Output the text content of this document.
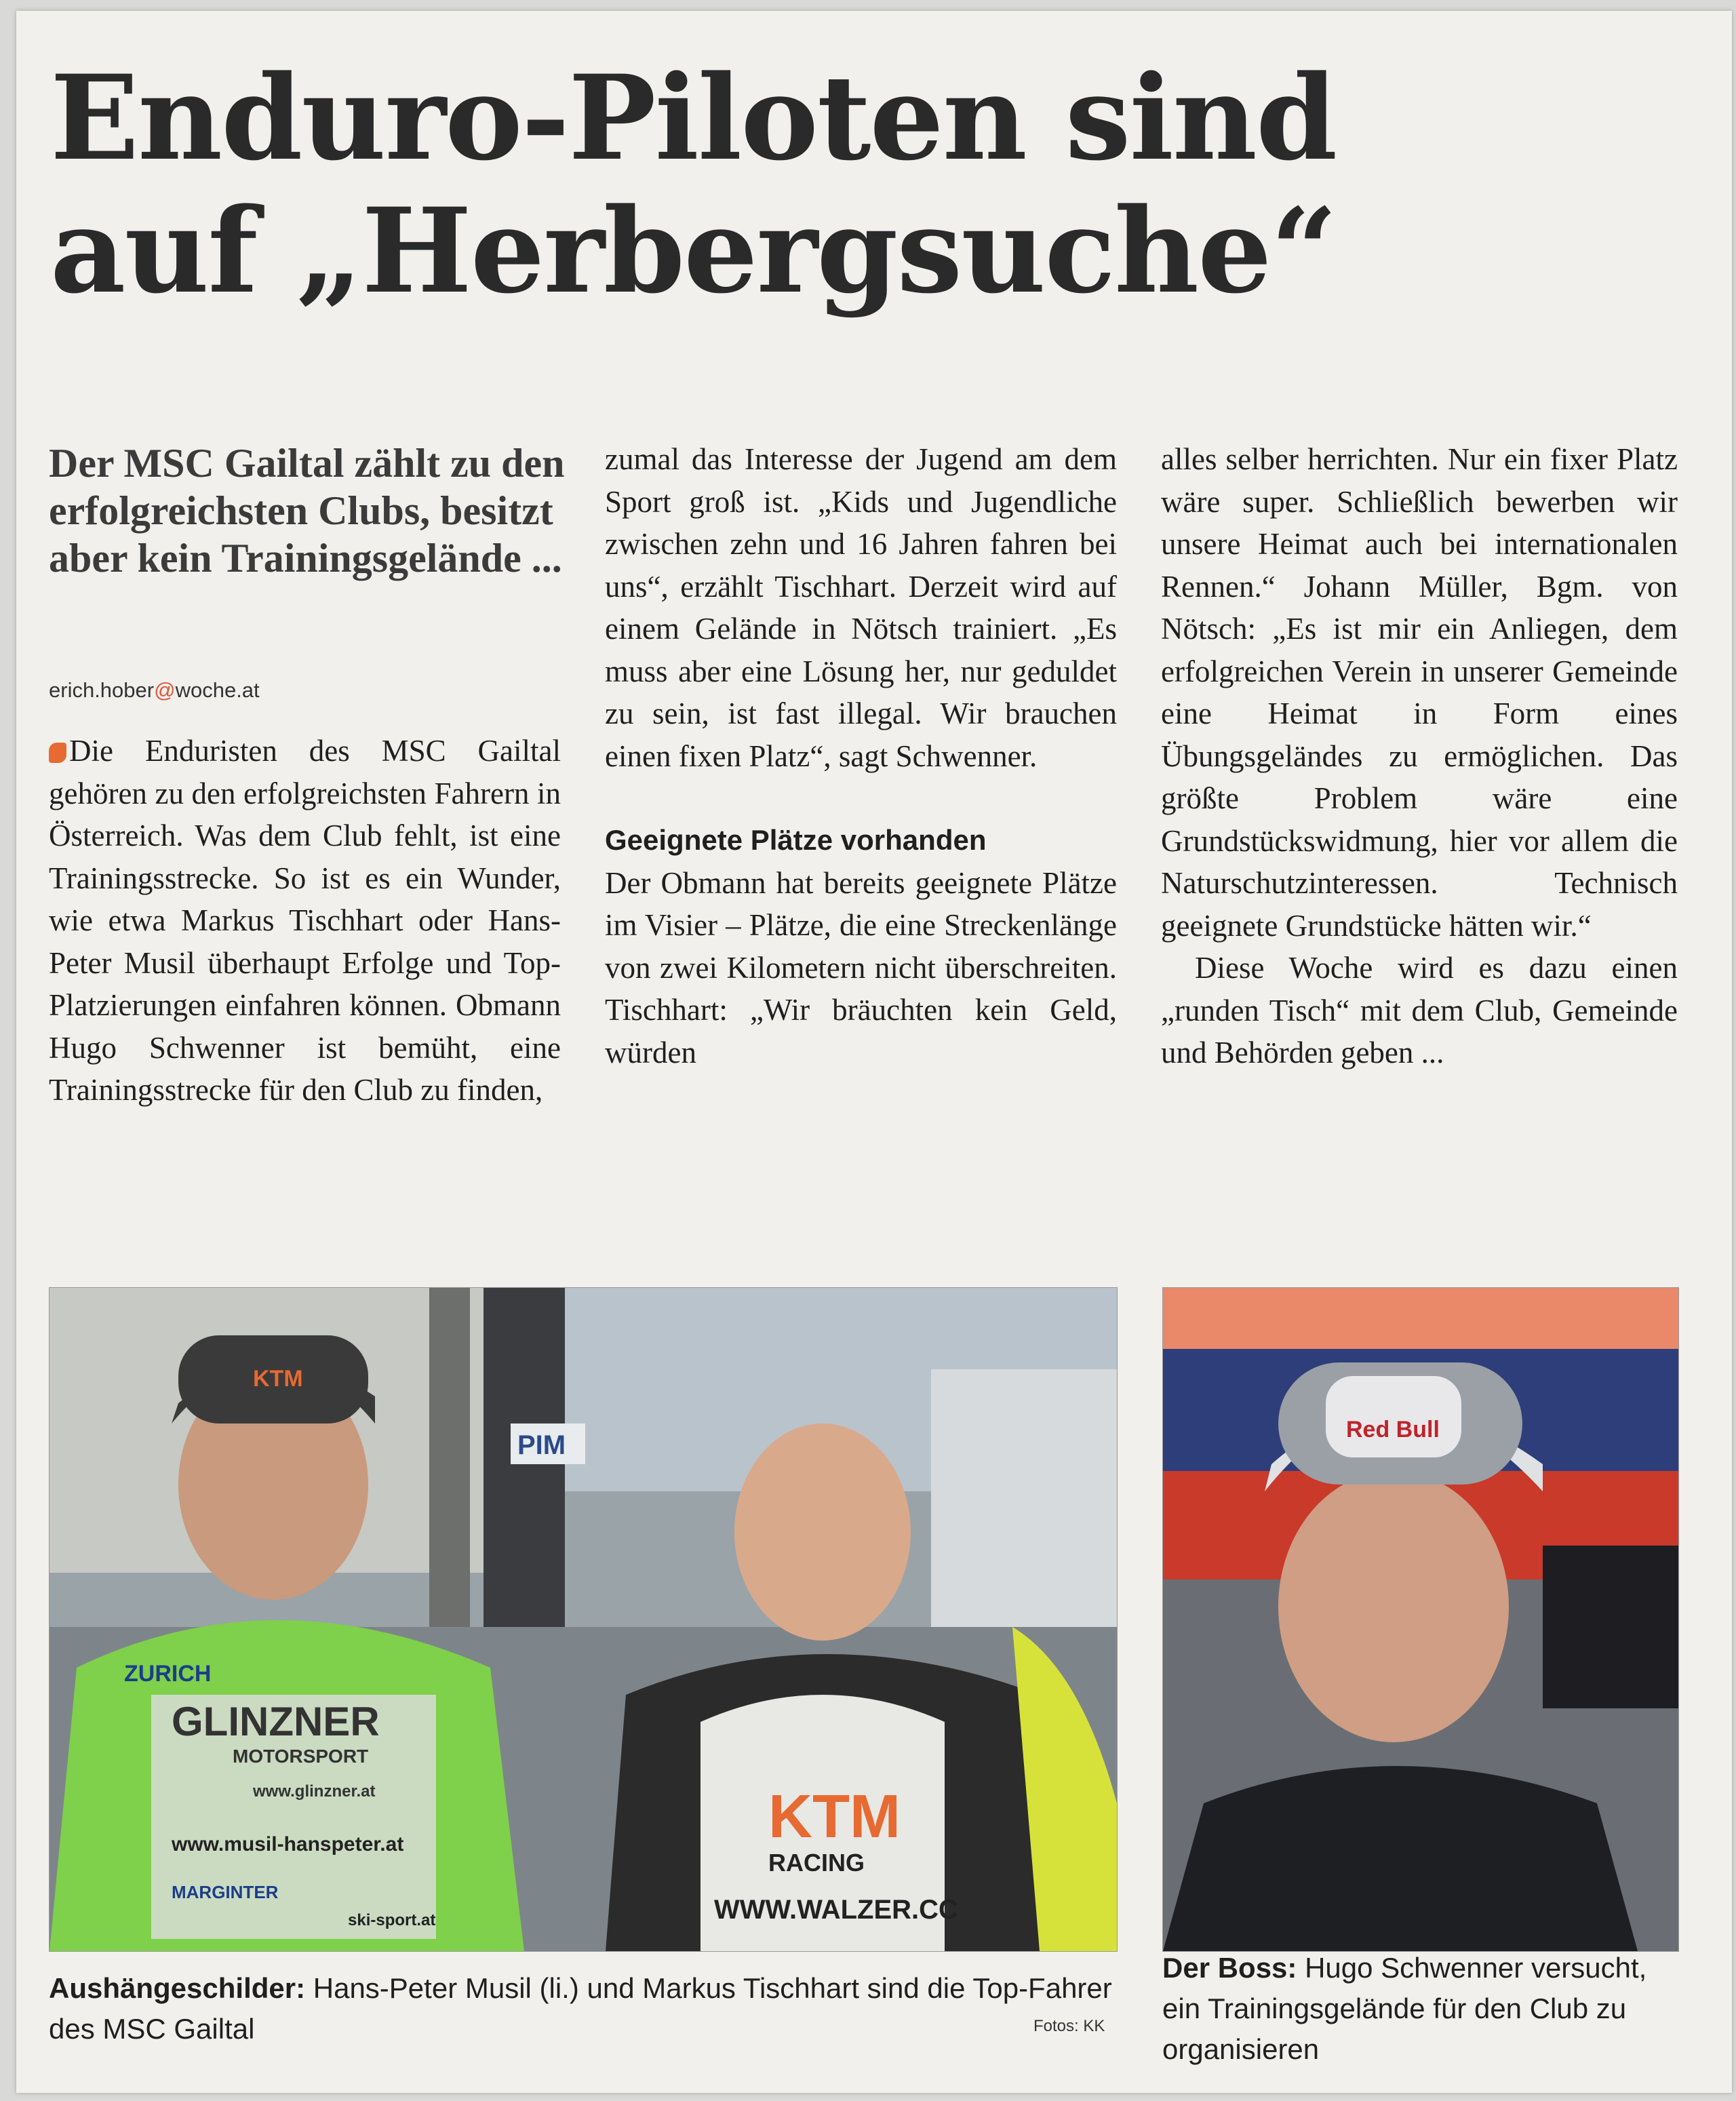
Enduro-Piloten sind
auf „Herbergsuche“
Der MSC Gailtal zählt zu den erfolgreichsten Clubs, besitzt aber kein Trainingsgelände ...
erich.hober@woche.at

Die Enduristen des MSC Gailtal gehören zu den erfolgreichsten Fahrern in Österreich. Was dem Club fehlt, ist eine Trainingsstrecke. So ist es ein Wunder, wie etwa Markus Tischhart oder Hans-Peter Musil überhaupt Erfolge und Top-Platzierungen einfahren können. Obmann Hugo Schwenner ist bemüht, eine Trainingsstrecke für den Club zu finden,

zumal das Interesse der Jugend am dem Sport groß ist. „Kids und Jugendliche zwischen zehn und 16 Jahren fahren bei uns“, erzählt Tischhart. Derzeit wird auf einem Gelände in Nötsch trainiert. „Es muss aber eine Lösung her, nur geduldet zu sein, ist fast illegal. Wir brauchen einen fixen Platz“, sagt Schwenner.

Geeignete Plätze vorhanden

Der Obmann hat bereits geeignete Plätze im Visier – Plätze, die eine Streckenlänge von zwei Kilometern nicht überschreiten. Tischhart: „Wir bräuchten kein Geld, würden

alles selber herrichten. Nur ein fixer Platz wäre super. Schließlich bewerben wir unsere Heimat auch bei internationalen Rennen.“ Johann Müller, Bgm. von Nötsch: „Es ist mir ein Anliegen, dem erfolgreichen Verein in unserer Gemeinde eine Heimat in Form eines Übungsgeländes zu ermöglichen. Das größte Problem wäre eine Grundstückswidmung, hier vor allem die Naturschutzinteressen. Technisch geeignete Grundstücke hätten wir.“

Diese Woche wird es dazu einen „runden Tisch“ mit dem Club, Gemeinde und Behörden geben ...

PIM
KTM
ZURICH
GLINZNER
MOTORSPORT
www.glinzner.at
www.musil-hanspeter.at
MARGINTER
ski-sport.at
KTM
RACING
WWW.WALZER.CC
Red Bull
Aushängeschilder: Hans-Peter Musil (li.) und Markus Tischhart sind die Top-Fahrer des MSC Gailtal	Fotos: KK
Der Boss: Hugo Schwenner versucht, ein Trainingsgelände für den Club zu organisieren
